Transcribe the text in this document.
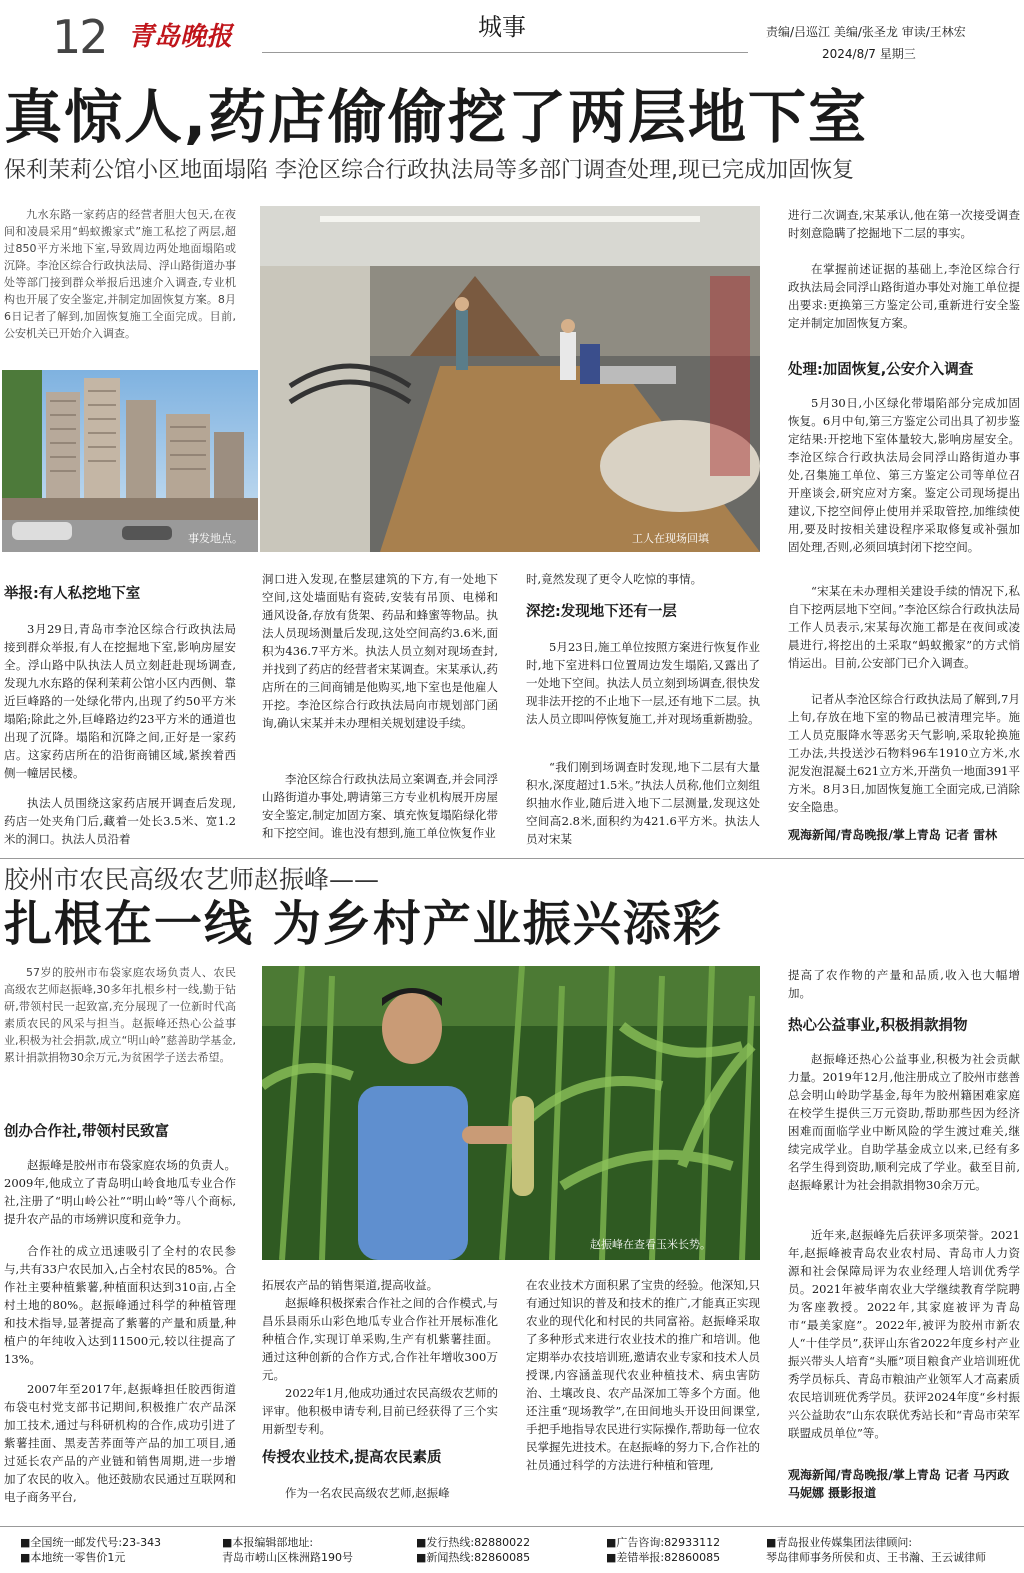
12 青岛晚报	城事	责编/吕巡江 美编/张圣龙 审读/王林宏
2024/8/7 星期三
真惊人,药店偷偷挖了两层地下室
保利茉莉公馆小区地面塌陷 李沧区综合行政执法局等多部门调查处理,现已完成加固恢复

九水东路一家药店的经营者胆大包天,在夜间和凌晨采用“蚂蚁搬家式”施工私挖了两层,超过850平方米地下室,导致周边两处地面塌陷或沉降。李沧区综合行政执法局、浮山路街道办事处等部门接到群众举报后迅速介入调查,专业机构也开展了安全鉴定,并制定加固恢复方案。8月6日记者了解到,加固恢复施工全面完成。目前,公安机关已开始介入调查。

事发地点。	工人在现场回填

进行二次调查,宋某承认,他在第一次接受调查时刻意隐瞒了挖掘地下二层的事实。

在掌握前述证据的基础上,李沧区综合行政执法局会同浮山路街道办事处对施工单位提出要求:更换第三方鉴定公司,重新进行安全鉴定并制定加固恢复方案。

处理:加固恢复,公安介入调查

5月30日,小区绿化带塌陷部分完成加固恢复。6月中旬,第三方鉴定公司出具了初步鉴定结果:开挖地下室体量较大,影响房屋安全。李沧区综合行政执法局会同浮山路街道办事处,召集施工单位、第三方鉴定公司等单位召开座谈会,研究应对方案。鉴定公司现场提出建议,下挖空间停止使用并采取管控,加维续使用,要及时按相关建设程序采取修复或补强加固处理,否则,必须回填封闭下挖空间。

“宋某在未办理相关建设手续的情况下,私自下挖两层地下空间。”李沧区综合行政执法局工作人员表示,宋某每次施工都是在夜间或凌晨进行,将挖出的土采取“蚂蚁搬家”的方式悄悄运出。目前,公安部门已介入调查。

记者从李沧区综合行政执法局了解到,7月上旬,存放在地下室的物品已被清理完毕。施工人员克服降水等恶劣天气影响,采取轮换施工办法,共投送沙石物料96车1910立方米,水泥发泡混凝土621立方米,开凿负一地面391平方米。8月3日,加固恢复施工全面完成,已消除安全隐患。

观海新闻/青岛晚报/掌上青岛 记者 雷林
举报:有人私挖地下室

3月29日,青岛市李沧区综合行政执法局接到群众举报,有人在挖掘地下室,影响房屋安全。浮山路中队执法人员立刻赶赴现场调查,发现九水东路的保利茉莉公馆小区内西侧、靠近巨峰路的一处绿化带内,出现了约50平方米塌陷;除此之外,巨峰路边约23平方米的通道也出现了沉降。塌陷和沉降之间,正好是一家药店。这家药店所在的沿街商铺区域,紧挨着西侧一幢居民楼。

执法人员围绕这家药店展开调查后发现,药店一处夹角门后,藏着一处长3.5米、宽1.2米的洞口。执法人员沿着

洞口进入发现,在整层建筑的下方,有一处地下空间,这处墙面贴有瓷砖,安装有吊顶、电梯和通风设备,存放有货架、药品和蜂蜜等物品。执法人员现场测量后发现,这处空间高约3.6米,面积为436.7平方米。执法人员立刻对现场查封,并找到了药店的经营者宋某调查。宋某承认,药店所在的三间商铺是他购买,地下室也是他雇人开挖。李沧区综合行政执法局向市规划部门函询,确认宋某并未办理相关规划建设手续。

李沧区综合行政执法局立案调查,并会同浮山路街道办事处,聘请第三方专业机构展开房屋安全鉴定,制定加固方案、填充恢复塌陷绿化带和下挖空间。谁也没有想到,施工单位恢复作业

时,竟然发现了更令人吃惊的事情。

深挖:发现地下还有一层

5月23日,施工单位按照方案进行恢复作业时,地下室进料口位置周边发生塌陷,又露出了一处地下空间。执法人员立刻到场调查,很快发现非法开挖的不止地下一层,还有地下二层。执法人员立即叫停恢复施工,并对现场重新勘验。

“我们刚到场调查时发现,地下二层有大量积水,深度超过1.5米。”执法人员称,他们立刻组织抽水作业,随后进入地下二层测量,发现这处空间高2.8米,面积约为421.6平方米。执法人员对宋某

胶州市农民高级农艺师赵振峰——
扎根在一线 为乡村产业振兴添彩

57岁的胶州市布袋家庭农场负责人、农民高级农艺师赵振峰,30多年扎根乡村一线,勤于钻研,带领村民一起致富,充分展现了一位新时代高素质农民的风采与担当。赵振峰还热心公益事业,积极为社会捐款,成立“明山岭”慈善助学基金,累计捐款捐物30余万元,为贫困学子送去希望。

赵振峰在查看玉米长势。
创办合作社,带领村民致富

赵振峰是胶州市布袋家庭农场的负责人。2009年,他成立了青岛明山岭食地瓜专业合作社,注册了“明山岭公社”“明山岭”等八个商标,提升农产品的市场辨识度和竞争力。

合作社的成立迅速吸引了全村的农民参与,共有33户农民加入,占全村农民的85%。合作社主要种植紫薯,种植面积达到310亩,占全村土地的80%。赵振峰通过科学的种植管理和技术指导,显著提高了紫薯的产量和质量,种植户的年纯收入达到11500元,较以往提高了13%。

2007年至2017年,赵振峰担任胶西街道布袋屯村党支部书记期间,积极推广农产品深加工技术,通过与科研机构的合作,成功引进了紫薯挂面、黑麦苦荞面等产品的加工项目,通过延长农产品的产业链和销售周期,进一步增加了农民的收入。他还鼓励农民通过互联网和电子商务平台,

拓展农产品的销售渠道,提高收益。

赵振峰积极探索合作社之间的合作模式,与昌乐县雨乐山彩色地瓜专业合作社开展标准化种植合作,实现订单采购,生产有机紫薯挂面。通过这种创新的合作方式,合作社年增收300万元。

2022年1月,他成功通过农民高级农艺师的评审。他积极申请专利,目前已经获得了三个实用新型专利。

传授农业技术,提高农民素质

作为一名农民高级农艺师,赵振峰

在农业技术方面积累了宝贵的经验。他深知,只有通过知识的普及和技术的推广,才能真正实现农业的现代化和村民的共同富裕。赵振峰采取了多种形式来进行农业技术的推广和培训。他定期举办农技培训班,邀请农业专家和技术人员授课,内容涵盖现代农业种植技术、病虫害防治、土壤改良、农产品深加工等多个方面。他还注重“现场教学”,在田间地头开设田间课堂,手把手地指导农民进行实际操作,帮助每一位农民掌握先进技术。在赵振峰的努力下,合作社的社员通过科学的方法进行种植和管理,

提高了农作物的产量和品质,收入也大幅增加。

热心公益事业,积极捐款捐物

赵振峰还热心公益事业,积极为社会贡献力量。2019年12月,他注册成立了胶州市慈善总会明山岭助学基金,每年为胶州籍困难家庭在校学生提供三万元资助,帮助那些因为经济困难而面临学业中断风险的学生渡过难关,继续完成学业。自助学基金成立以来,已经有多名学生得到资助,顺利完成了学业。截至目前,赵振峰累计为社会捐款捐物30余万元。

近年来,赵振峰先后获评多项荣誉。2021年,赵振峰被青岛农业农村局、青岛市人力资源和社会保障局评为农业经理人培训优秀学员。2021年被华南农业大学继续教育学院聘为客座教授。2022年,其家庭被评为青岛市“最美家庭”。2022年,被评为胶州市新农人“十佳学员”,获评山东省2022年度乡村产业振兴带头人培育“头雁”项目粮食产业培训班优秀学员标兵、青岛市粮油产业领军人才高素质农民培训班优秀学员。获评2024年度“乡村振兴公益助农”山东农联优秀站长和“青岛市荣军联盟成员单位”等。

观海新闻/青岛晚报/掌上青岛 记者 马丙政 马妮娜 摄影报道
■全国统一邮发代号:23-343
■本地统一零售价1元
■本报编辑部地址:
青岛市崂山区株洲路190号
■发行热线:82880022
■新闻热线:82860085
■广告咨询:82933112
■差错举报:82860085
■青岛报业传媒集团法律顾问:
琴岛律师事务所侯和贞、王书瀚、王云诚律师
